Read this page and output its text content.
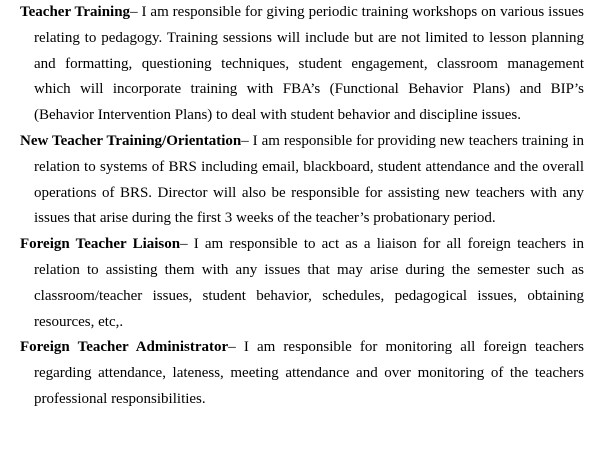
Teacher Training– I am responsible for giving periodic training workshops on various issues relating to pedagogy. Training sessions will include but are not limited to lesson planning and formatting, questioning techniques, student engagement, classroom management which will incorporate training with FBA’s (Functional Behavior Plans) and BIP’s (Behavior Intervention Plans) to deal with student behavior and discipline issues.

New Teacher Training/Orientation– I am responsible for providing new teachers training in relation to systems of BRS including email, blackboard, student attendance and the overall operations of BRS. Director will also be responsible for assisting new teachers with any issues that arise during the first 3 weeks of the teacher’s probationary period.

Foreign Teacher Liaison– I am responsible to act as a liaison for all foreign teachers in relation to assisting them with any issues that may arise during the semester such as classroom/teacher issues, student behavior, schedules, pedagogical issues, obtaining resources, etc,.

Foreign Teacher Administrator– I am responsible for monitoring all foreign teachers regarding attendance, lateness, meeting attendance and over monitoring of the teachers professional responsibilities.
